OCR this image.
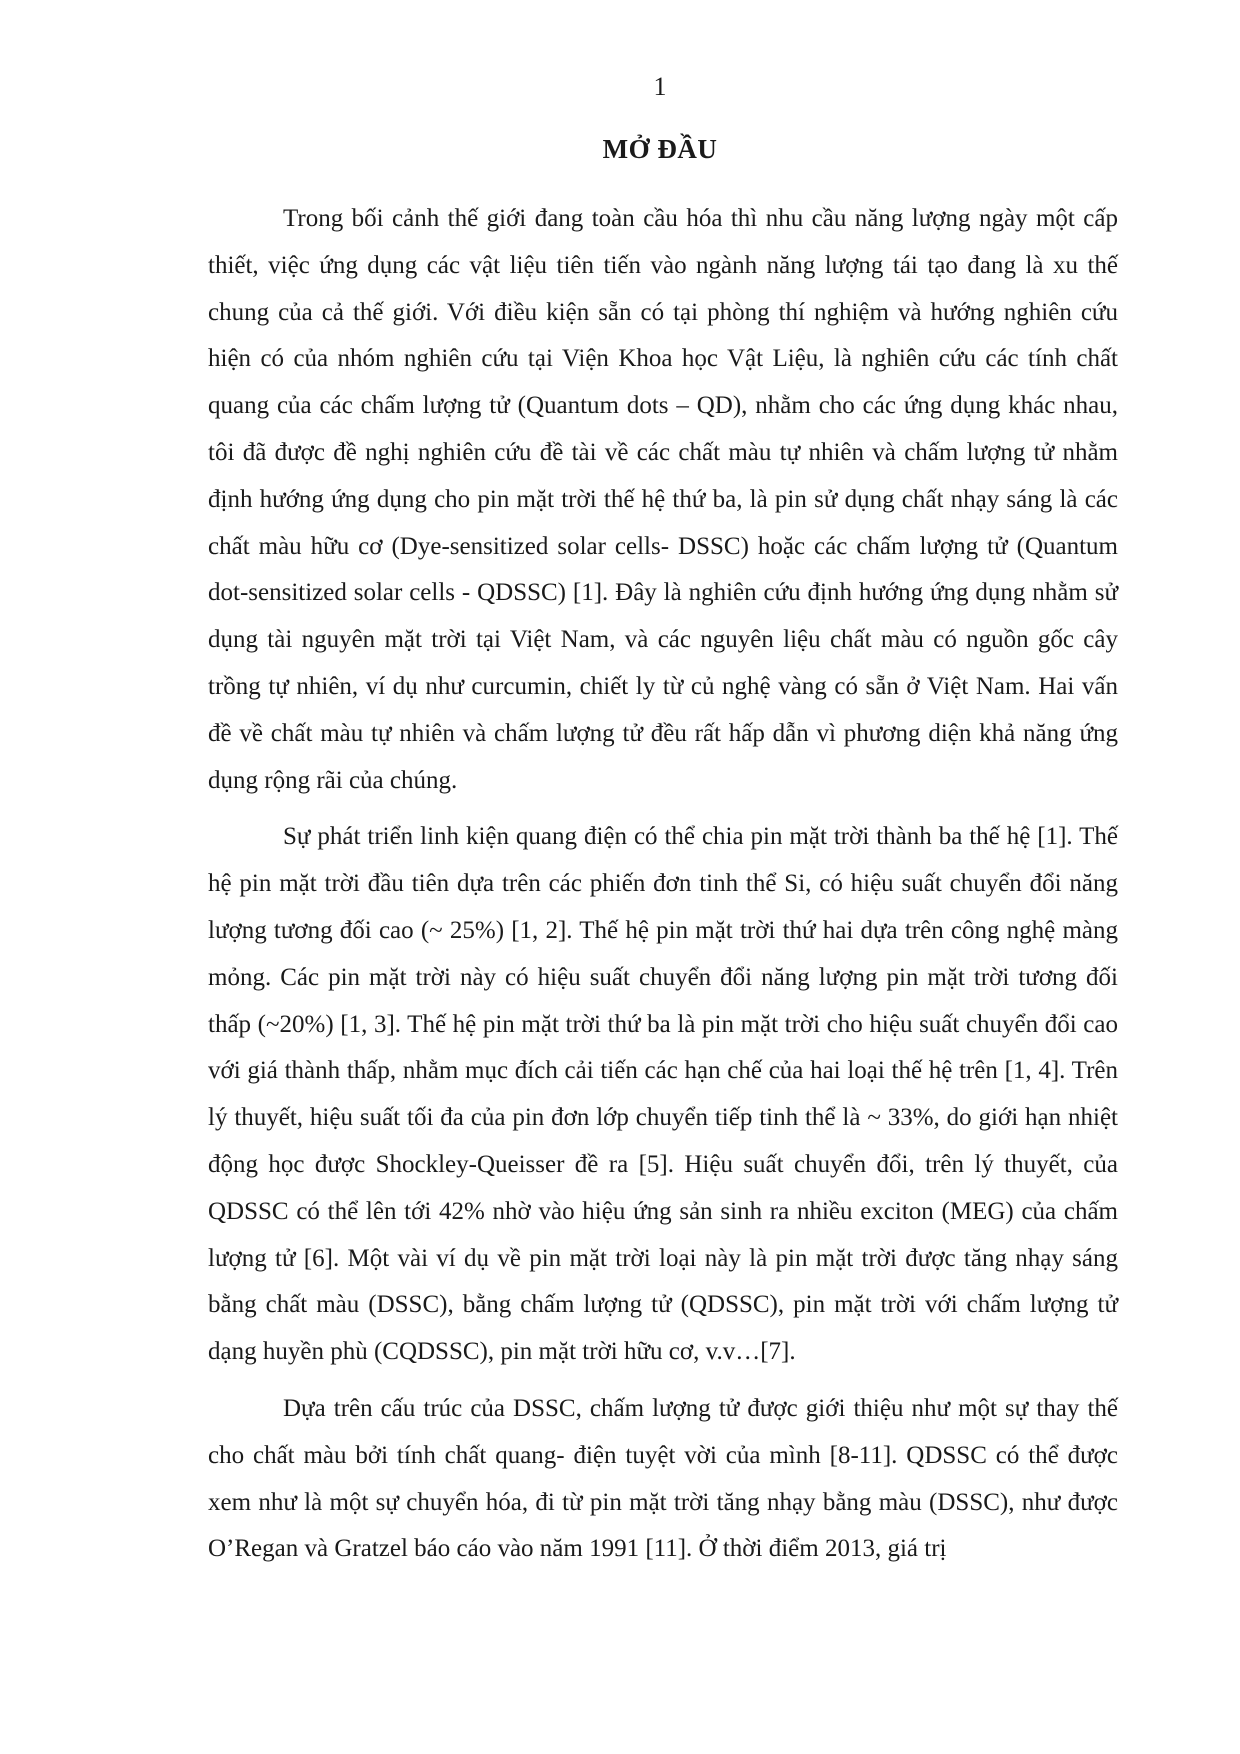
1
MỞ ĐẦU

Trong bối cảnh thế giới đang toàn cầu hóa thì nhu cầu năng lượng ngày một cấp thiết, việc ứng dụng các vật liệu tiên tiến vào ngành năng lượng tái tạo đang là xu thế chung của cả thế giới. Với điều kiện sẵn có tại phòng thí nghiệm và hướng nghiên cứu hiện có của nhóm nghiên cứu tại Viện Khoa học Vật Liệu, là nghiên cứu các tính chất quang của các chấm lượng tử (Quantum dots – QD), nhằm cho các ứng dụng khác nhau, tôi đã được đề nghị nghiên cứu đề tài về các chất màu tự nhiên và chấm lượng tử nhằm định hướng ứng dụng cho pin mặt trời thế hệ thứ ba, là pin sử dụng chất nhạy sáng là các chất màu hữu cơ (Dye-sensitized solar cells- DSSC) hoặc các chấm lượng tử (Quantum dot-sensitized solar cells - QDSSC) [1]. Đây là nghiên cứu định hướng ứng dụng nhằm sử dụng tài nguyên mặt trời tại Việt Nam, và các nguyên liệu chất màu có nguồn gốc cây trồng tự nhiên, ví dụ như curcumin, chiết ly từ củ nghệ vàng có sẵn ở Việt Nam. Hai vấn đề về chất màu tự nhiên và chấm lượng tử đều rất hấp dẫn vì phương diện khả năng ứng dụng rộng rãi của chúng.

Sự phát triển linh kiện quang điện có thể chia pin mặt trời thành ba thế hệ [1]. Thế hệ pin mặt trời đầu tiên dựa trên các phiến đơn tinh thể Si, có hiệu suất chuyển đổi năng lượng tương đối cao (~ 25%) [1, 2]. Thế hệ pin mặt trời thứ hai dựa trên công nghệ màng mỏng. Các pin mặt trời này có hiệu suất chuyển đổi năng lượng pin mặt trời tương đối thấp (~20%) [1, 3]. Thế hệ pin mặt trời thứ ba là pin mặt trời cho hiệu suất chuyển đổi cao với giá thành thấp, nhằm mục đích cải tiến các hạn chế của hai loại thế hệ trên [1, 4]. Trên lý thuyết, hiệu suất tối đa của pin đơn lớp chuyển tiếp tinh thể là ~ 33%, do giới hạn nhiệt động học được Shockley-Queisser đề ra [5]. Hiệu suất chuyển đổi, trên lý thuyết, của QDSSC có thể lên tới 42% nhờ vào hiệu ứng sản sinh ra nhiều exciton (MEG) của chấm lượng tử [6]. Một vài ví dụ về pin mặt trời loại này là pin mặt trời được tăng nhạy sáng bằng chất màu (DSSC), bằng chấm lượng tử (QDSSC), pin mặt trời với chấm lượng tử dạng huyền phù (CQDSSC), pin mặt trời hữu cơ, v.v…[7].

Dựa trên cấu trúc của DSSC, chấm lượng tử được giới thiệu như một sự thay thế cho chất màu bởi tính chất quang- điện tuyệt vời của mình [8-11]. QDSSC có thể được xem như là một sự chuyển hóa, đi từ pin mặt trời tăng nhạy bằng màu (DSSC), như được O’Regan và Gratzel báo cáo vào năm 1991 [11]. Ở thời điểm 2013, giá trị
